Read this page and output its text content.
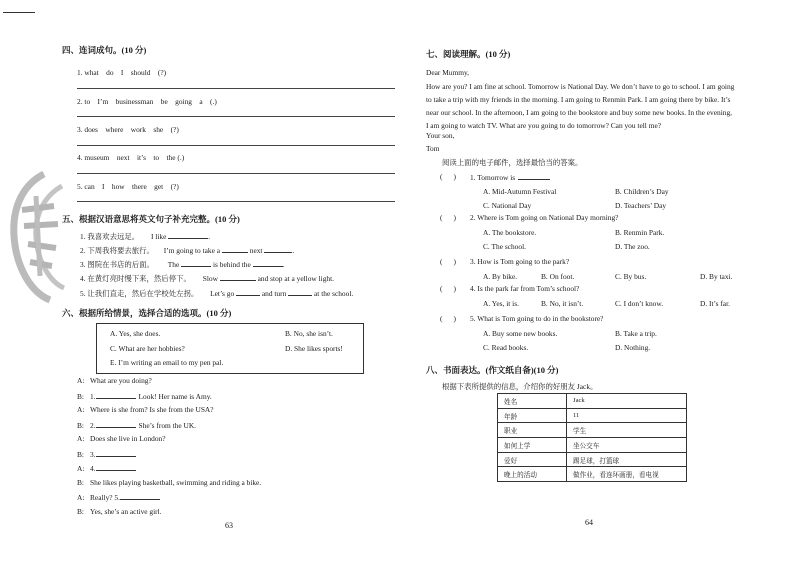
四、连词成句。(10 分)
1. what　do　I　should　(?)
2. to　I’m　businessman　be　going　a　(.)
3. does　where　work　she　(?)
4. museum　next　it’s　to　the (.)
5. can　I　how　there　get　(?)
五、根据汉语意思将英文句子补充完整。(10 分)
1. 我喜欢去远足。 I like	.
2. 下周我将要去旅行。 I’m going to take a	next	.
3. 图院在书店的后面。 The	is behind the	.
4. 在黄灯亮时慢下来，然后停下。 Slow	and stop at a yellow light.
5. 让我们直走，然后在学校处左拐。 Let’s go	and turn	at the school.
六、根据所给情景，选择合适的选项。(10 分)
A. Yes, she does.	B. No, she isn’t.
C. What are her hobbies?	D. She likes sports!
E. I’m writing an email to my pen pal.
A: What are you doing?
B: 1.	Look! Her name is Amy.
A: Where is she from? Is she from the USA?
B: 2.	She’s from the UK.
A: Does she live in London?
B: 3.
A: 4.
B: She likes playing basketball, swimming and riding a bike.
A: Really? 5.
B: Yes, she’s an active girl.
63
七、阅读理解。(10 分)
Dear Mummy,
How are you? I am fine at school. Tomorrow is National Day. We don’t have to go to school. I am going
to take a trip with my friends in the morning. I am going to Renmin Park. I am going there by bike. It’s
near our school. In the afternoon, I am going to the bookstore and buy some new books. In the evening,
I am going to watch TV. What are you going to do tomorrow? Can you tell me?
Your son,
Tom
阅读上面的电子邮件，选择最恰当的答案。
(      ) 1. Tomorrow is
A. Mid-Autumn Festival	B. Children’s Day
C. National Day	D. Teachers’ Day
(      ) 2. Where is Tom going on National Day morning?
A. The bookstore.	B. Renmin Park.
C. The school.	D. The zoo.
(      ) 3. How is Tom going to the park?
A. By bike.	B. On foot.	C. By bus.	D. By taxi.
(      ) 4. Is the park far from Tom’s school?
A. Yes, it is.	B. No, it isn’t.	C. I don’t know.	D. It’s far.
(      ) 5. What is Tom going to do in the bookstore?
A. Buy some new books.	B. Take a trip.
C. Read books.	D. Nothing.
八、书面表达。(作文纸自备)(10 分)
根据下表所提供的信息，介绍你的好朋友 Jack。
姓名	Jack
年龄	11
职业	学生
如何上学	坐公交车
爱好	踢足球，打篮球
晚上的活动	做作业，看连环画册，看电视
64
